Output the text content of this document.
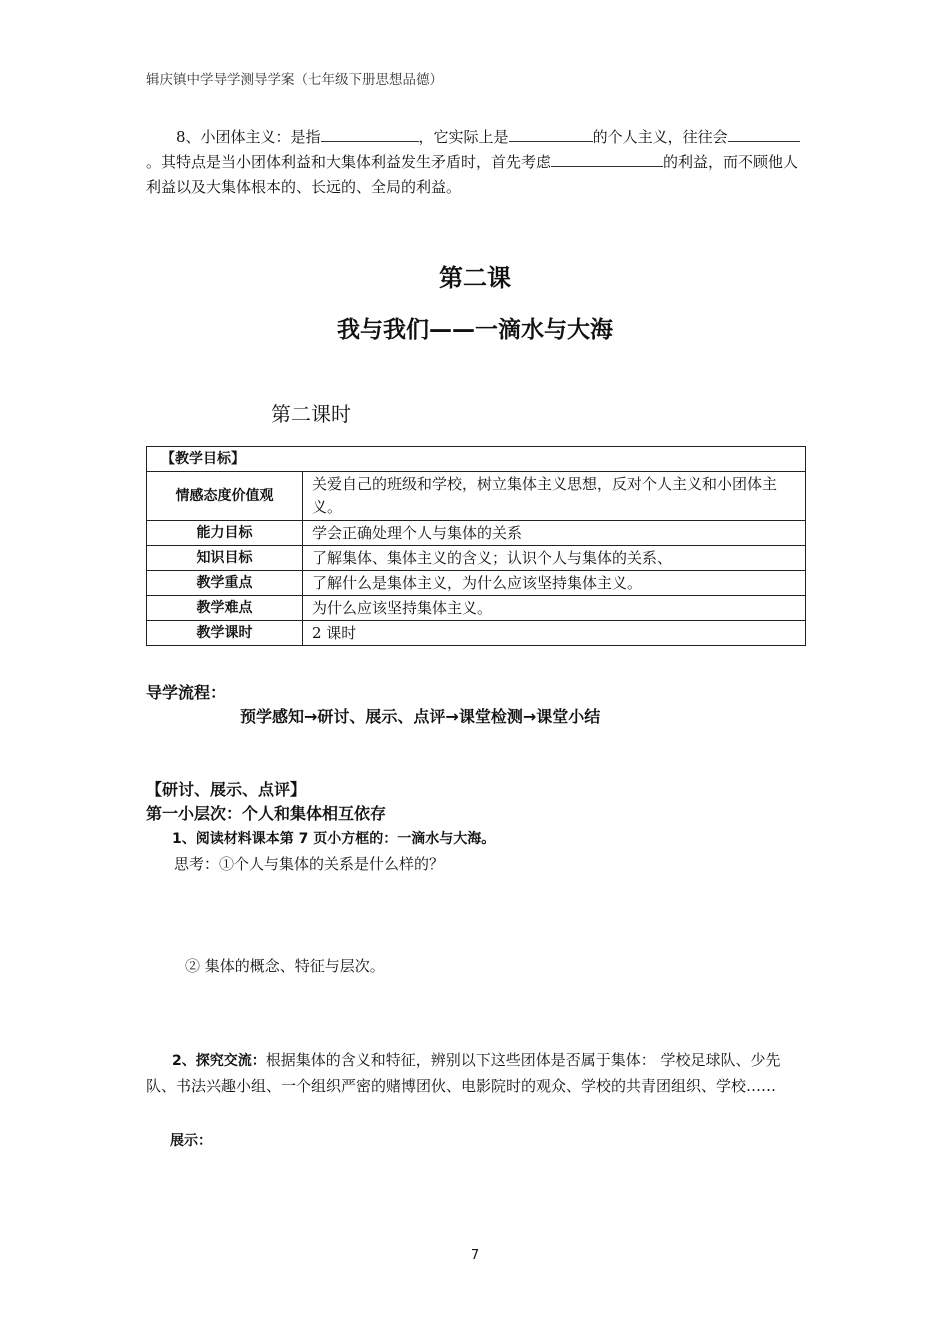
辑庆镇中学导学测导学案（七年级下册思想品德）
8、小团体主义：是指	，它实际上是	的个人主义，往往会。其特点是当小团体利益和大集体利益发生矛盾时，首先考虑	的利益，而不顾他人利益以及大集体根本的、长远的、全局的利益。
第二课
我与我们——一滴水与大海
第二课时
【教学目标】	
情感态度价值观	关爱自己的班级和学校，树立集体主义思想，反对个人主义和小团体主义。
能力目标	学会正确处理个人与集体的关系
知识目标	了解集体、集体主义的含义；认识个人与集体的关系、
教学重点	了解什么是集体主义，为什么应该坚持集体主义。
教学难点	为什么应该坚持集体主义。
教学课时	2 课时
导学流程：
预学感知→研讨、展示、点评→课堂检测→课堂小结
【研讨、展示、点评】
第一小层次：个人和集体相互依存
1、阅读材料课本第 7 页小方框的：一滴水与大海。
思考：①个人与集体的关系是什么样的？
② 集体的概念、特征与层次。
2、探究交流：根据集体的含义和特征，辨别以下这些团体是否属于集体： 学校足球队、少先队、书法兴趣小组、一个组织严密的赌博团伙、电影院时的观众、学校的共青团组织、学校……
展示：
7
